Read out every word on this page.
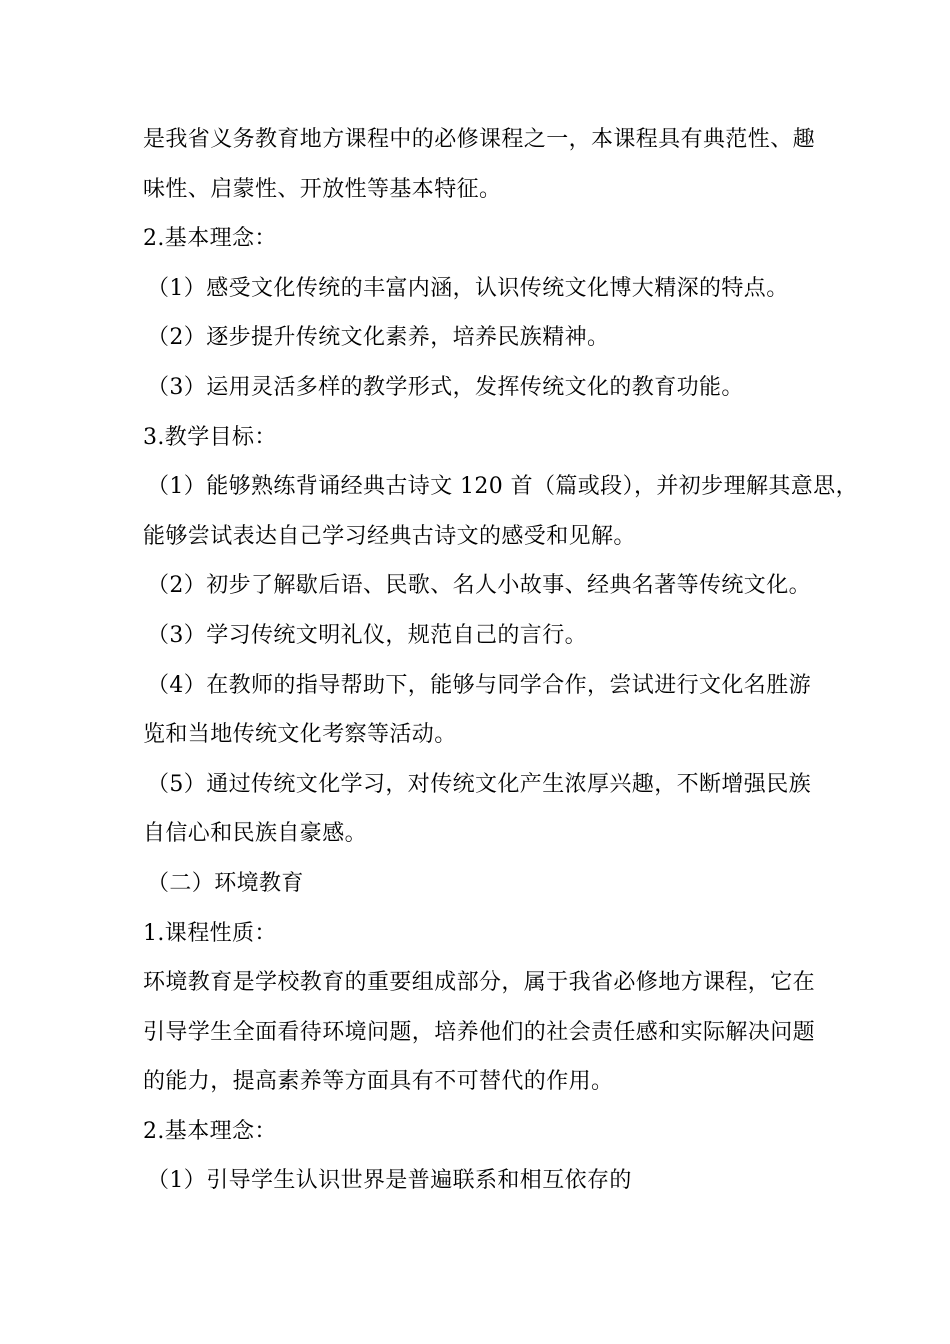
是我省义务教育地方课程中的必修课程之一，本课程具有典范性、趣
味性、启蒙性、开放性等基本特征。
2.基本理念：
（1）感受文化传统的丰富内涵，认识传统文化博大精深的特点。
（2）逐步提升传统文化素养，培养民族精神。
（3）运用灵活多样的教学形式，发挥传统文化的教育功能。
3.教学目标：
（1）能够熟练背诵经典古诗文 120 首（篇或段），并初步理解其意思，
能够尝试表达自己学习经典古诗文的感受和见解。
（2）初步了解歇后语、民歌、名人小故事、经典名著等传统文化。
（3）学习传统文明礼仪，规范自己的言行。
（4）在教师的指导帮助下，能够与同学合作，尝试进行文化名胜游
览和当地传统文化考察等活动。
（5）通过传统文化学习，对传统文化产生浓厚兴趣，不断增强民族
自信心和民族自豪感。
（二）环境教育
1.课程性质：
环境教育是学校教育的重要组成部分，属于我省必修地方课程，它在
引导学生全面看待环境问题，培养他们的社会责任感和实际解决问题
的能力，提高素养等方面具有不可替代的作用。
2.基本理念：
（1）引导学生认识世界是普遍联系和相互依存的
